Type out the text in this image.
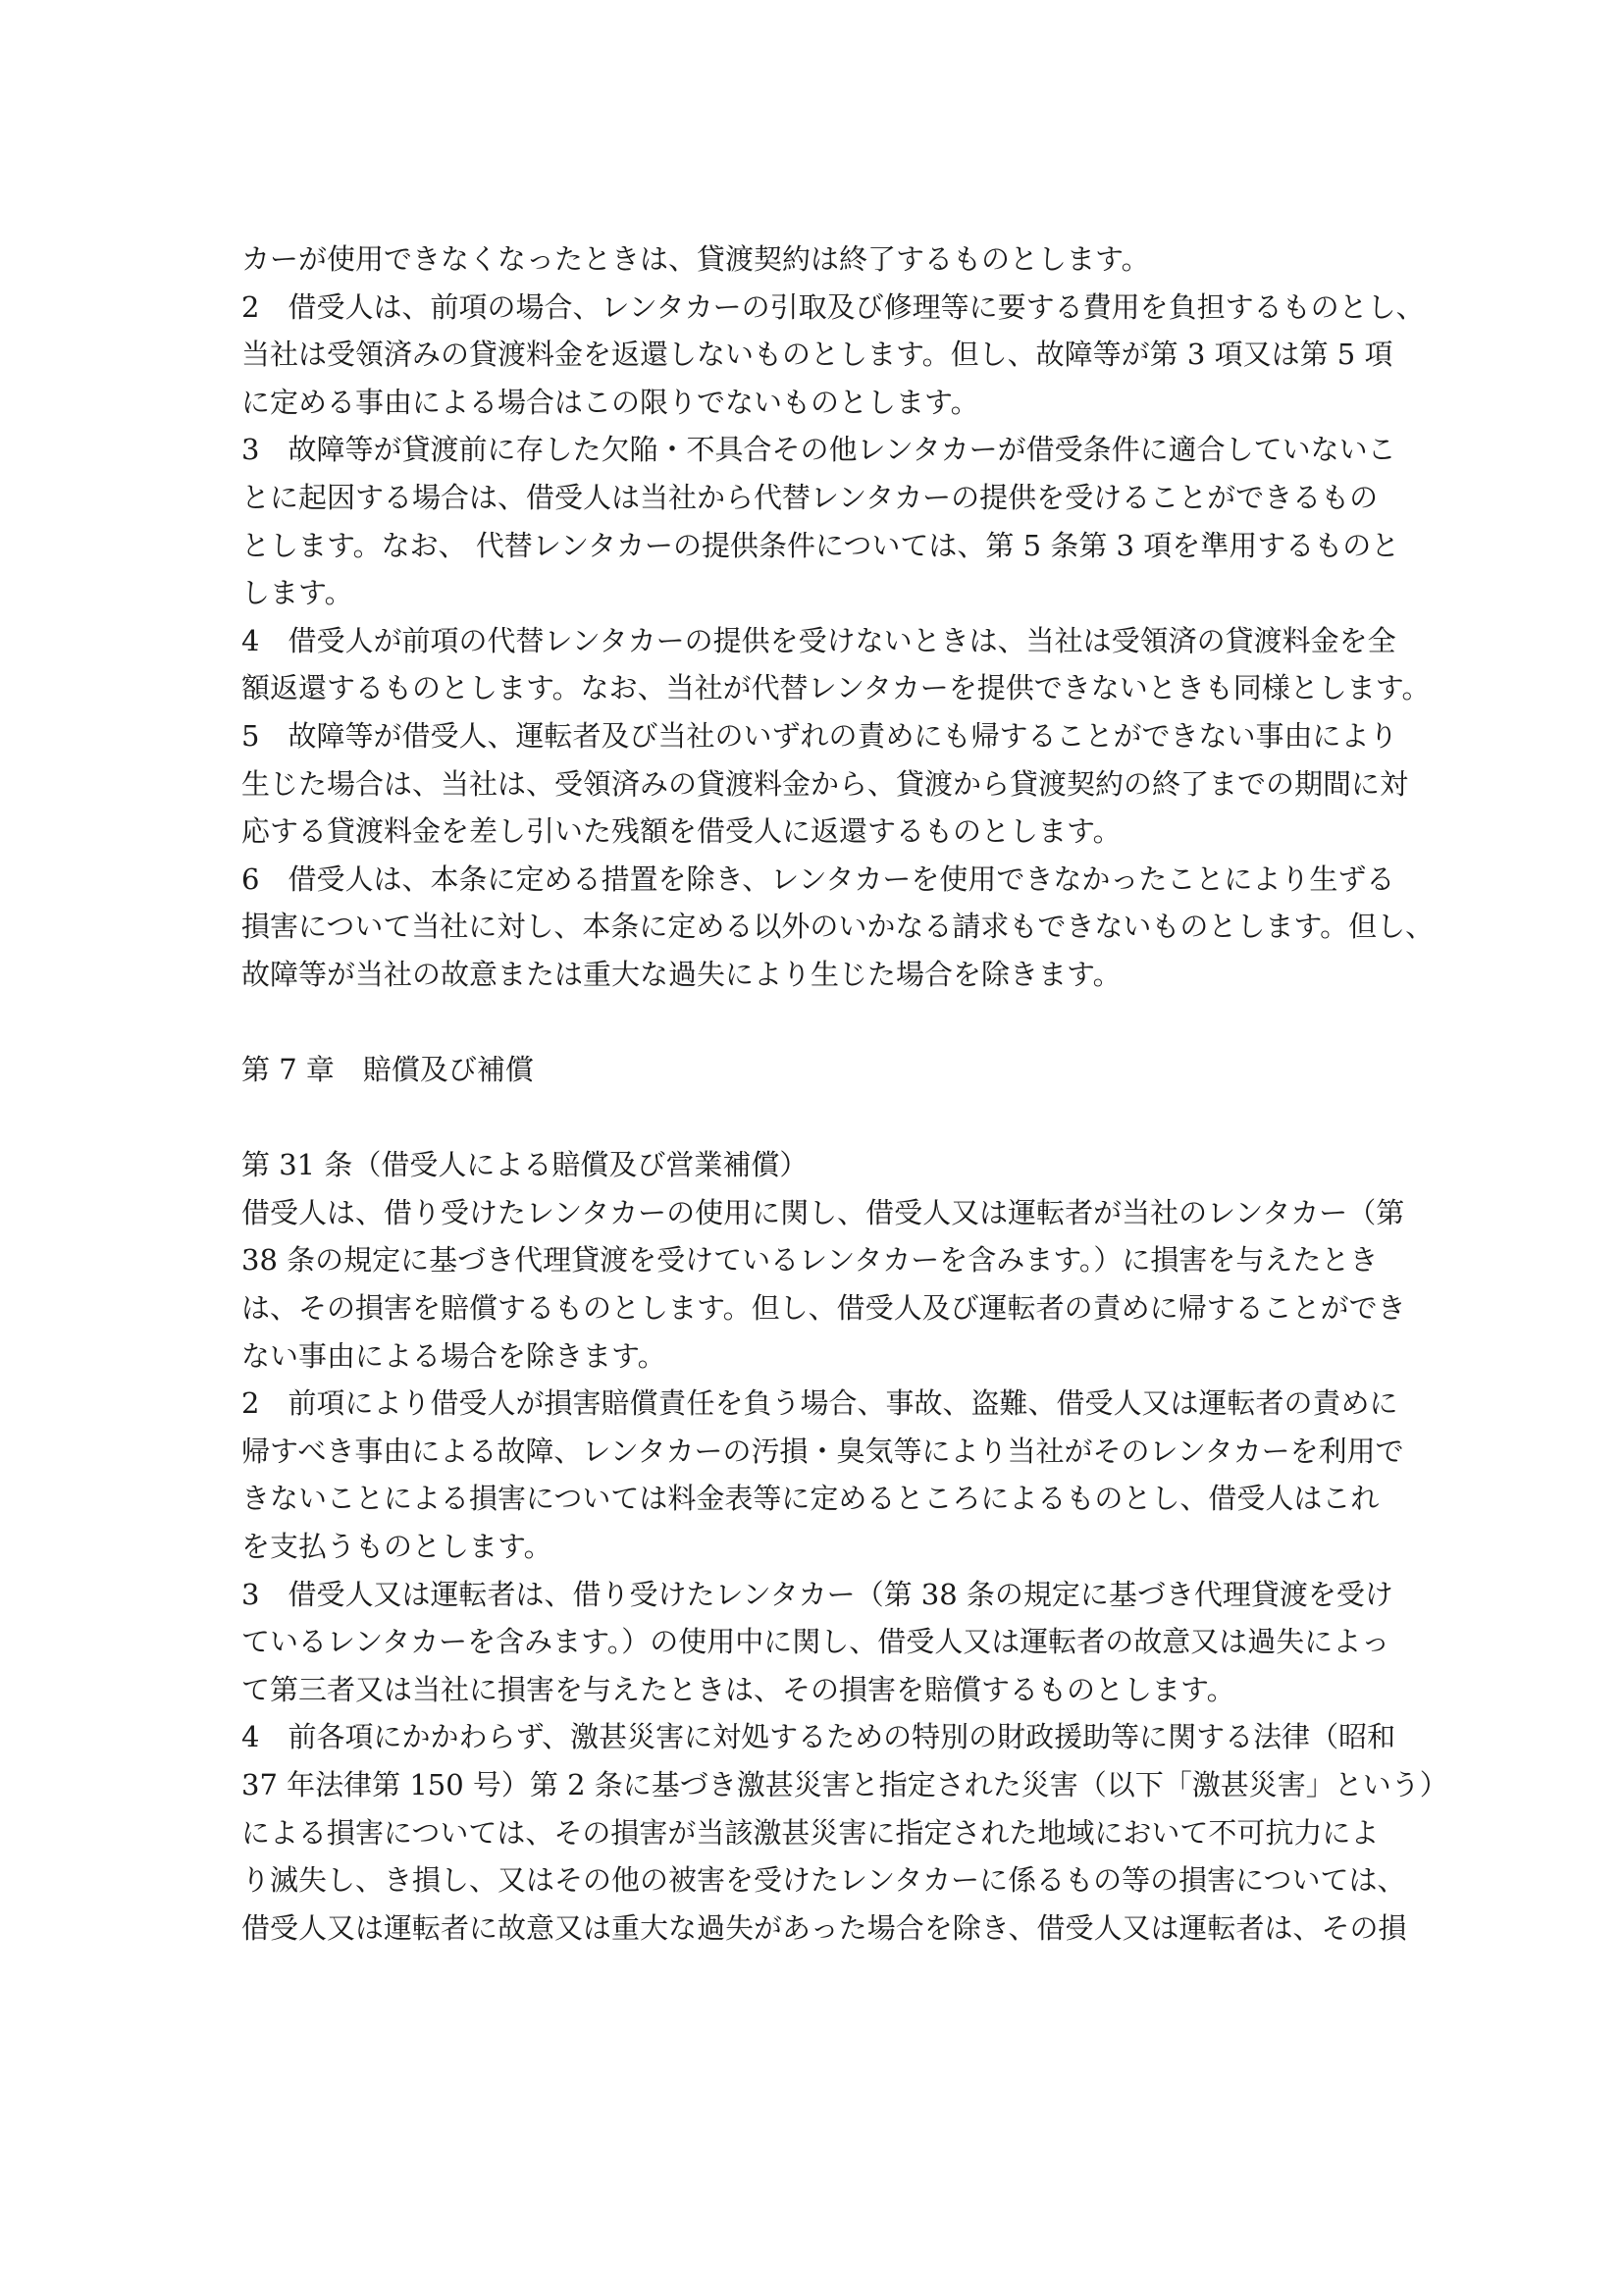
カーが使用できなくなったときは、貸渡契約は終了するものとします。
2　借受人は、前項の場合、レンタカーの引取及び修理等に要する費用を負担するものとし、
当社は受領済みの貸渡料金を返還しないものとします。但し、故障等が第 3 項又は第 5 項
に定める事由による場合はこの限りでないものとします。
3　故障等が貸渡前に存した欠陥・不具合その他レンタカーが借受条件に適合していないこ
とに起因する場合は、借受人は当社から代替レンタカーの提供を受けることができるもの
とします。なお、 代替レンタカーの提供条件については、第 5 条第 3 項を準用するものと
します。
4　借受人が前項の代替レンタカーの提供を受けないときは、当社は受領済の貸渡料金を全
額返還するものとします。なお、当社が代替レンタカーを提供できないときも同様とします。
5　故障等が借受人、運転者及び当社のいずれの責めにも帰することができない事由により
生じた場合は、当社は、受領済みの貸渡料金から、貸渡から貸渡契約の終了までの期間に対
応する貸渡料金を差し引いた残額を借受人に返還するものとします。
6　借受人は、本条に定める措置を除き、レンタカーを使用できなかったことにより生ずる
損害について当社に対し、本条に定める以外のいかなる請求もできないものとします。但し、
故障等が当社の故意または重大な過失により生じた場合を除きます。
第 7 章　賠償及び補償
第 31 条（借受人による賠償及び営業補償）
借受人は、借り受けたレンタカーの使用に関し、借受人又は運転者が当社のレンタカー（第
38 条の規定に基づき代理貸渡を受けているレンタカーを含みます。）に損害を与えたとき
は、その損害を賠償するものとします。但し、借受人及び運転者の責めに帰することができ
ない事由による場合を除きます。
2　前項により借受人が損害賠償責任を負う場合、事故、盗難、借受人又は運転者の責めに
帰すべき事由による故障、レンタカーの汚損・臭気等により当社がそのレンタカーを利用で
きないことによる損害については料金表等に定めるところによるものとし、借受人はこれ
を支払うものとします。
3　借受人又は運転者は、借り受けたレンタカー（第 38 条の規定に基づき代理貸渡を受け
ているレンタカーを含みます。）の使用中に関し、借受人又は運転者の故意又は過失によっ
て第三者又は当社に損害を与えたときは、その損害を賠償するものとします。
4　前各項にかかわらず、激甚災害に対処するための特別の財政援助等に関する法律（昭和
37 年法律第 150 号）第 2 条に基づき激甚災害と指定された災害（以下「激甚災害」という）
による損害については、その損害が当該激甚災害に指定された地域において不可抗力によ
り滅失し、き損し、又はその他の被害を受けたレンタカーに係るもの等の損害については、
借受人又は運転者に故意又は重大な過失があった場合を除き、借受人又は運転者は、その損
